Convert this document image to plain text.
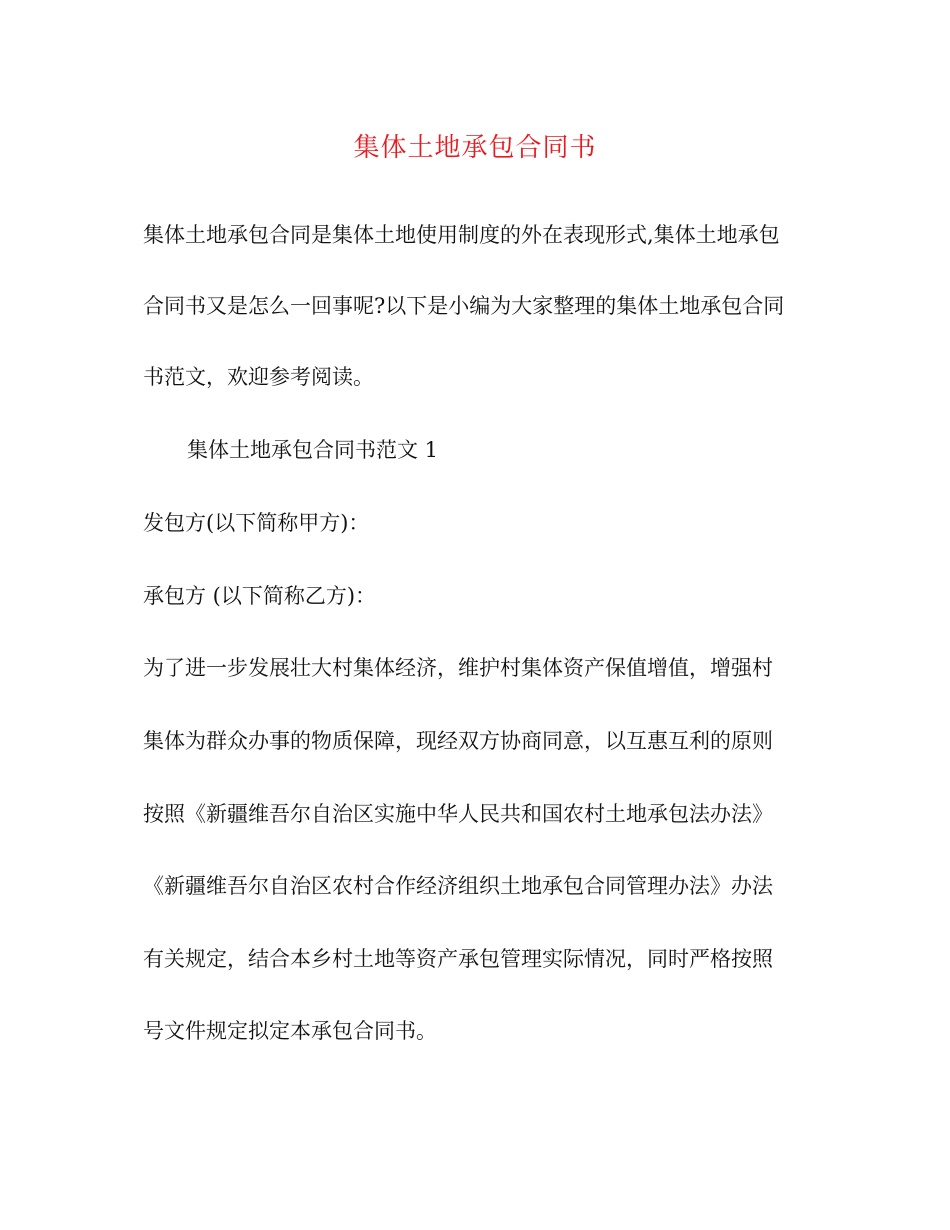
集体土地承包合同书

集体土地承包合同是集体土地使用制度的外在表现形式,集体土地承包

合同书又是怎么一回事呢?以下是小编为大家整理的集体土地承包合同

书范文，欢迎参考阅读。

集体土地承包合同书范文 1

发包方(以下简称甲方)：

承包方 (以下简称乙方)：

为了进一步发展壮大村集体经济，维护村集体资产保值增值，增强村

集体为群众办事的物质保障，现经双方协商同意，以互惠互利的原则

按照《新疆维吾尔自治区实施中华人民共和国农村土地承包法办法》

《新疆维吾尔自治区农村合作经济组织土地承包合同管理办法》办法

有关规定，结合本乡村土地等资产承包管理实际情况，同时严格按照

号文件规定拟定本承包合同书。
